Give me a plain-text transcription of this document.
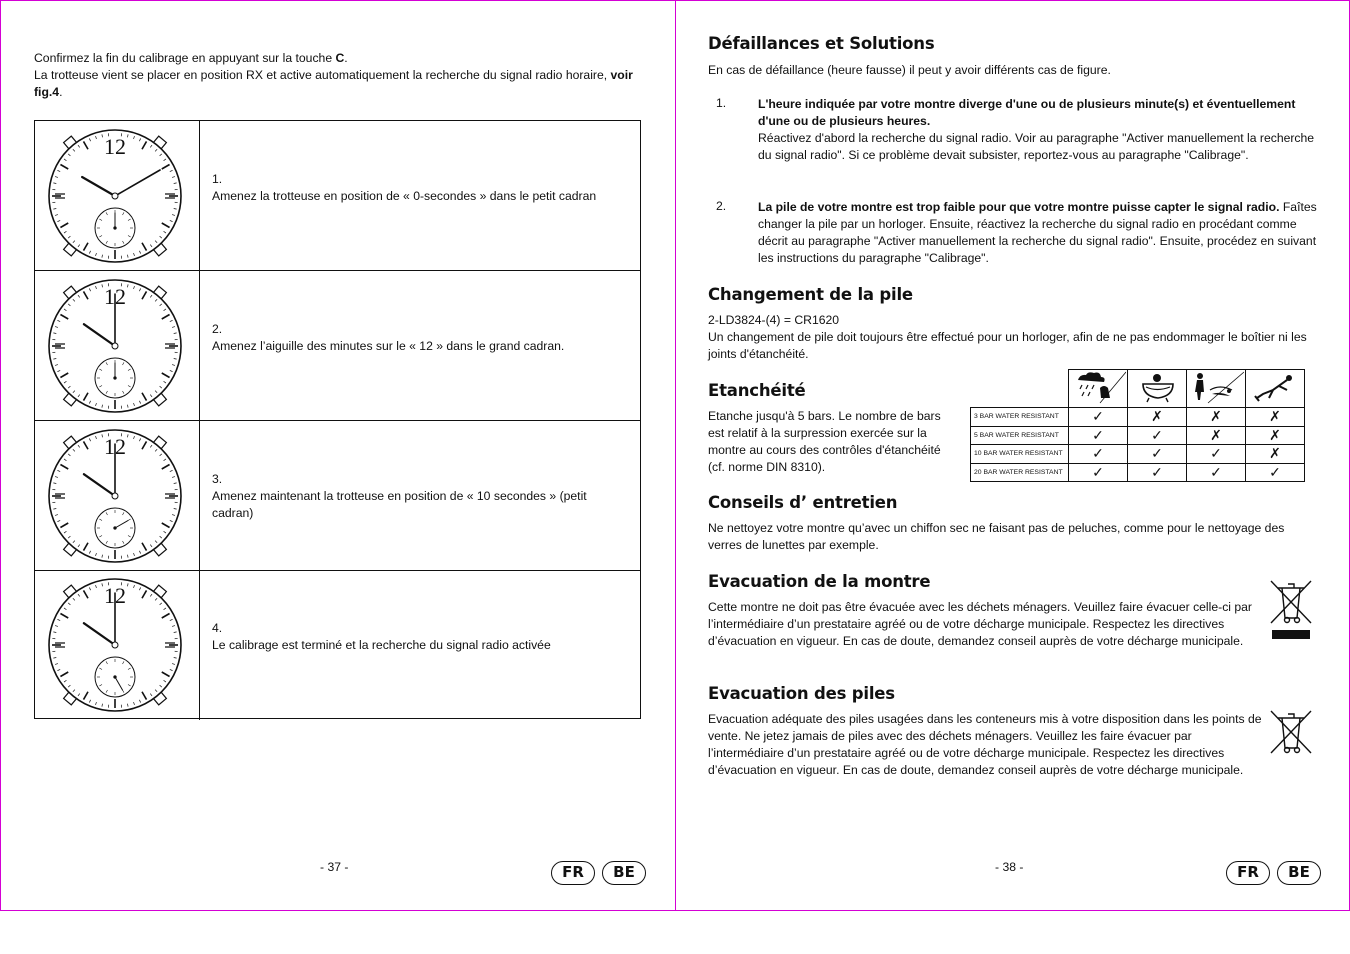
Confirmez la fin du calibrage en appuyant sur la touche C.
La trotteuse vient se placer en position RX et active automatiquement la recherche du signal radio horaire, voir fig.4.
12
1.
Amenez la trotteuse en position de « 0-secondes » dans le petit cadran
12
2.
Amenez l’aiguille des minutes sur le « 12 » dans le grand cadran.
12
3.
Amenez maintenant la trotteuse en position de « 10 secondes » (petit cadran)
12
4.
Le calibrage est terminé et la recherche du signal radio activée
- 37 -	FR	BE
Défaillances et Solutions
En cas de défaillance (heure fausse) il peut y avoir différents cas de figure.
1.	L'heure indiquée par votre montre diverge d'une ou de plusieurs minute(s) et éventuellement d'une ou de plusieurs heures.
Réactivez d'abord la recherche du signal radio. Voir au paragraphe "Activer manuellement la recherche du signal radio". Si ce problème devait subsister, reportez-vous au paragraphe "Calibrage".
2.	La pile de votre montre est trop faible pour que votre montre puisse capter le signal radio. Faîtes changer la pile par un horloger. Ensuite, réactivez la recherche du signal radio en procédant comme décrit au paragraphe "Activer manuellement la recherche du signal radio". Ensuite, procédez en suivant les instructions du paragraphe "Calibrage".
Changement de la pile
2-LD3824-(4) = CR1620
Un changement de pile doit toujours être effectué pour un horloger, afin de ne pas endommager le boîtier ni les joints d'étanchéité.
Etanchéité
Etanche jusqu'à 5 bars. Le nombre de bars est relatif à la surpression exercée sur la montre au cours des contrôles d'étanchéité (cf. norme DIN 8310).

3 BAR WATER RESISTANT	✓	✗	✗	✗
5 BAR WATER RESISTANT	✓	✓	✗	✗
10 BAR WATER RESISTANT	✓	✓	✓	✗
20 BAR WATER RESISTANT	✓	✓	✓	✓
Conseils d’ entretien
Ne nettoyez votre montre qu’avec un chiffon sec ne faisant pas de peluches, comme pour le nettoyage des verres de lunettes par exemple.
Evacuation de la montre
Cette montre ne doit pas être évacuée avec les déchets ménagers. Veuillez faire évacuer celle-ci par l’intermédiaire d’un prestataire agréé ou de votre décharge municipale. Respectez les directives d’évacuation en vigueur. En cas de doute, demandez conseil auprès de votre décharge municipale.
Evacuation des piles
Evacuation adéquate des piles usagées dans les conteneurs mis à votre disposition dans les points de vente. Ne jetez jamais de piles avec des déchets ménagers. Veuillez les faire évacuer par l’intermédiaire d’un prestataire agréé ou de votre décharge municipale. Respectez les directives d’évacuation en vigueur. En cas de doute, demandez conseil auprès de votre décharge municipale.
- 38 -	FR	BE
